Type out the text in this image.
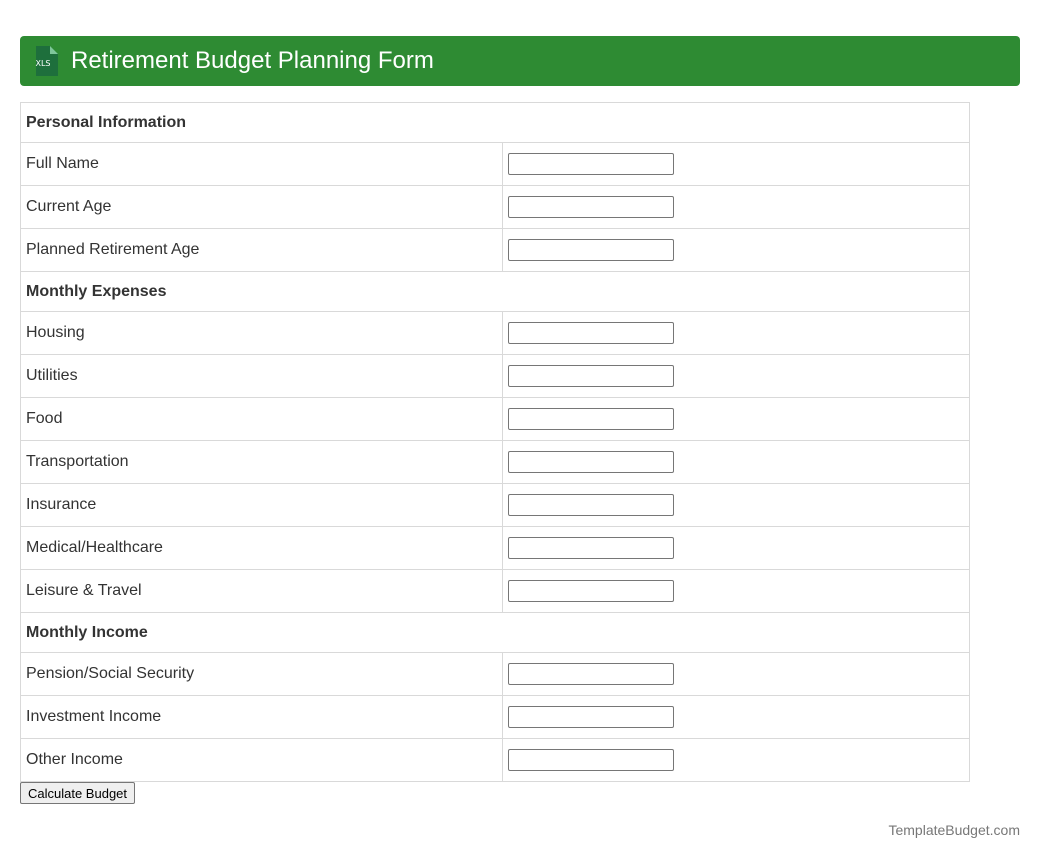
XLS Retirement Budget Planning Form
Personal Information	
Full Name	
Current Age	
Planned Retirement Age	
Monthly Expenses	
Housing	
Utilities	
Food	
Transportation	
Insurance	
Medical/Healthcare	
Leisure & Travel	
Monthly Income	
Pension/Social Security	
Investment Income	
Other Income	
Calculate Budget
TemplateBudget.com
